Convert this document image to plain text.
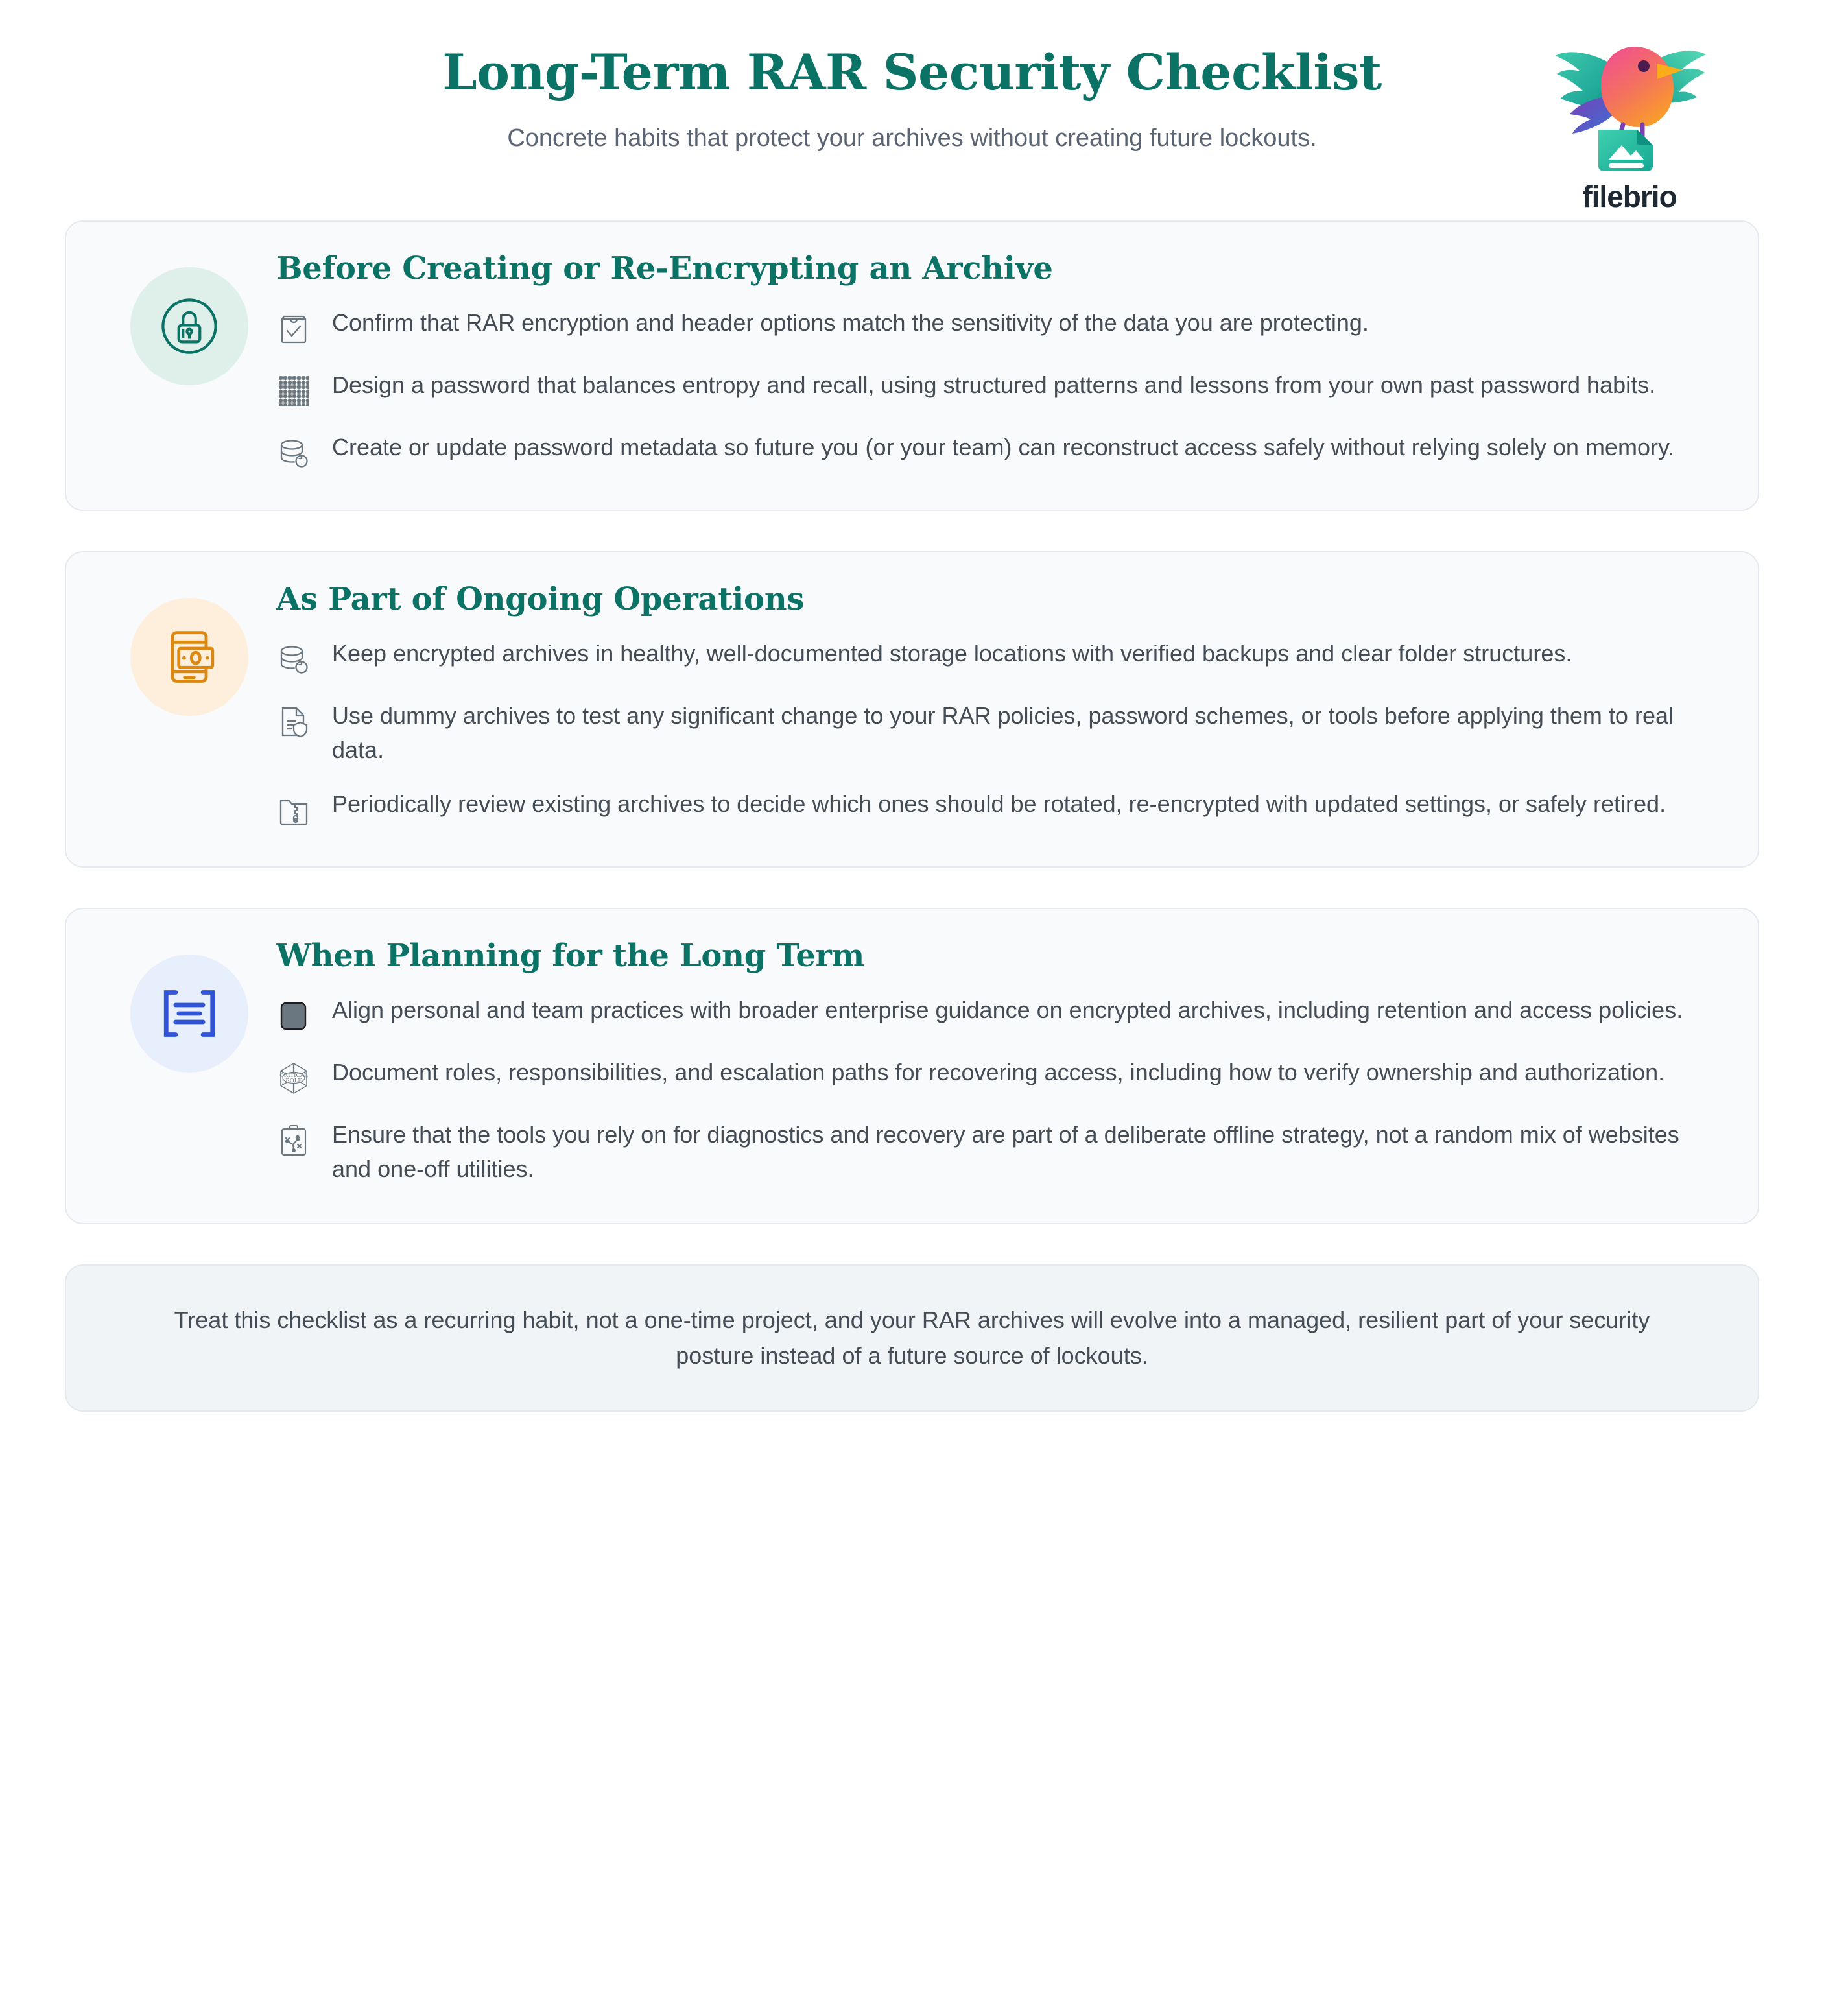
Long-Term RAR Security Checklist

Concrete habits that protect your archives without creating future lockouts.

filebrio
Before Creating or Re-Encrypting an Archive
Confirm that RAR encryption and header options match the sensitivity of the data you are protecting.
Design a password that balances entropy and recall, using structured patterns and lessons from your own past password habits.
Create or update password metadata so future you (or your team) can reconstruct access safely without relying solely on memory.
As Part of Ongoing Operations
Keep encrypted archives in healthy, well-documented storage locations with verified backups and clear folder structures.
Use dummy archives to test any significant change to your RAR policies, password schemes, or tools before applying them to real data.
Periodically review existing archives to decide which ones should be rotated, re-encrypted with updated settings, or safely retired.
When Planning for the Long Term
Align personal and team practices with broader enterprise guidance on encrypted archives, including retention and access policies.
CRITICAL
ROLE Document roles, responsibilities, and escalation paths for recovering access, including how to verify ownership and authorization.
Ensure that the tools you rely on for diagnostics and recovery are part of a deliberate offline strategy, not a random mix of websites and one-off utilities.

Treat this checklist as a recurring habit, not a one-time project, and your RAR archives will evolve into a managed, resilient part of your security posture instead of a future source of lockouts.
